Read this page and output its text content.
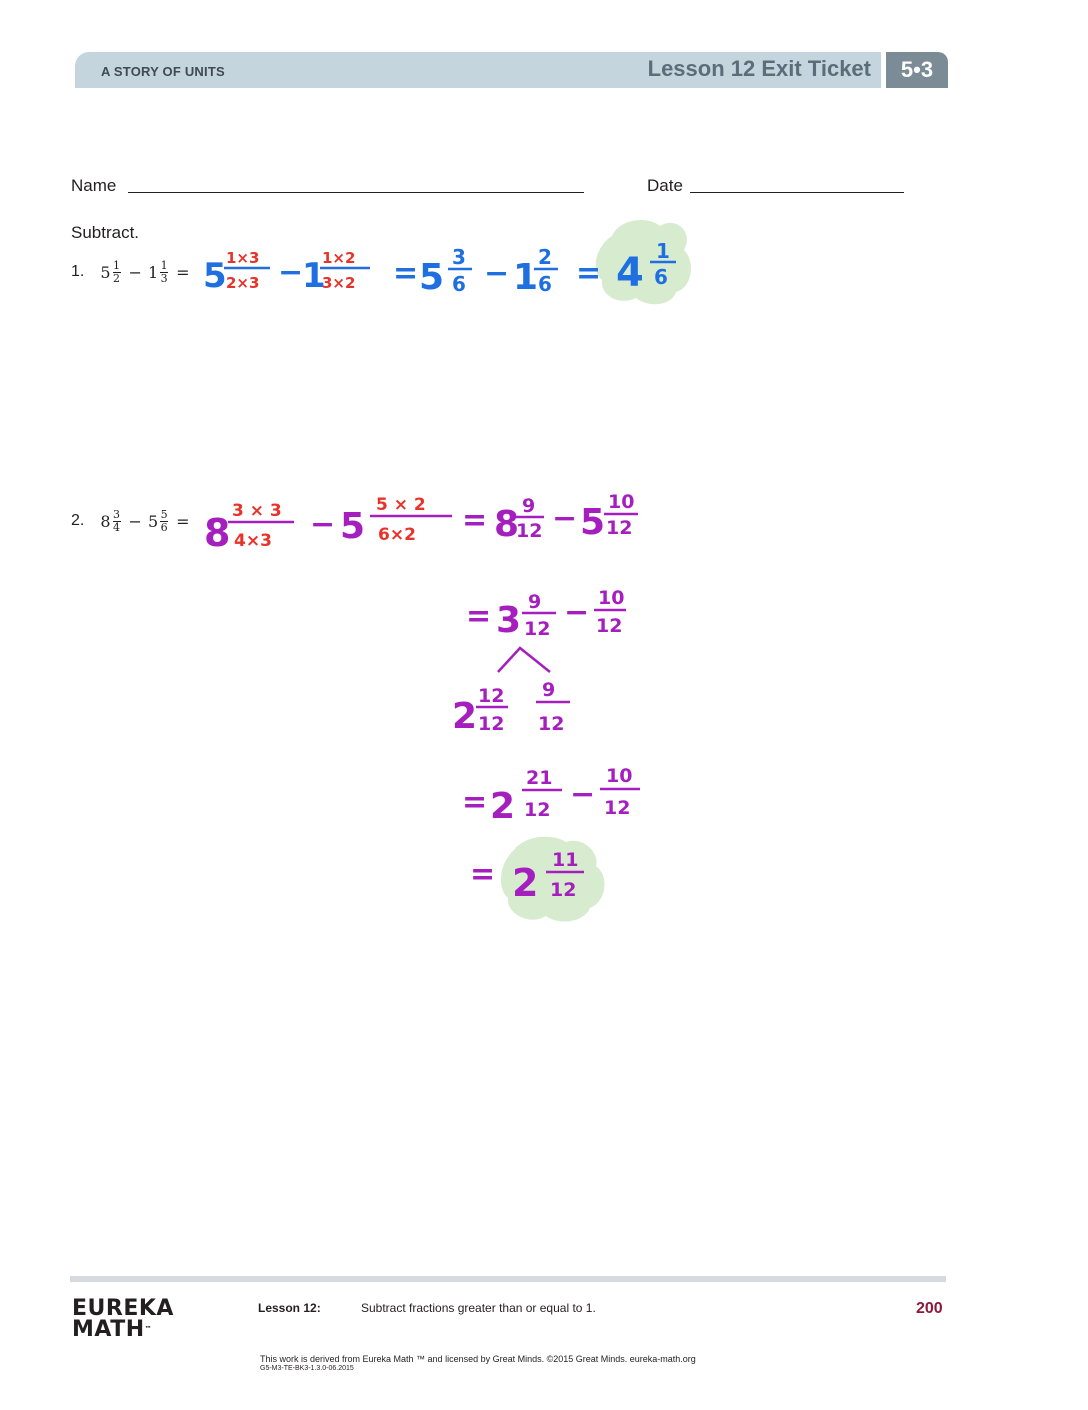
A STORY OF UNITS	Lesson 12 Exit Ticket	5•3
Name	Date
Subtract.
1. $5 \frac{1}{2} - 1 \frac{1}{3}$ =
2. $8 \frac{3}{4} - 5 \frac{5}{6}$ =
5 1×3
2×3 −
1
1×2
3×2 = 5 3
6 − 1 2
6 = 4 1
6
8 3 × 3
4×3 − 5
5 × 2
6×2 = 8 9
12 − 5 10
12
= 3 9
12 − 10
12
2 12
12
9
12
= 2
21
12 −
10
12
= 2
11
12
EUREKA
MATH™
Lesson 12:	Subtract fractions greater than or equal to 1.	200
This work is derived from Eureka Math ™ and licensed by Great Minds. ©2015 Great Minds. eureka-math.org
G5-M3-TE-BK3-1.3.0-06.2015
